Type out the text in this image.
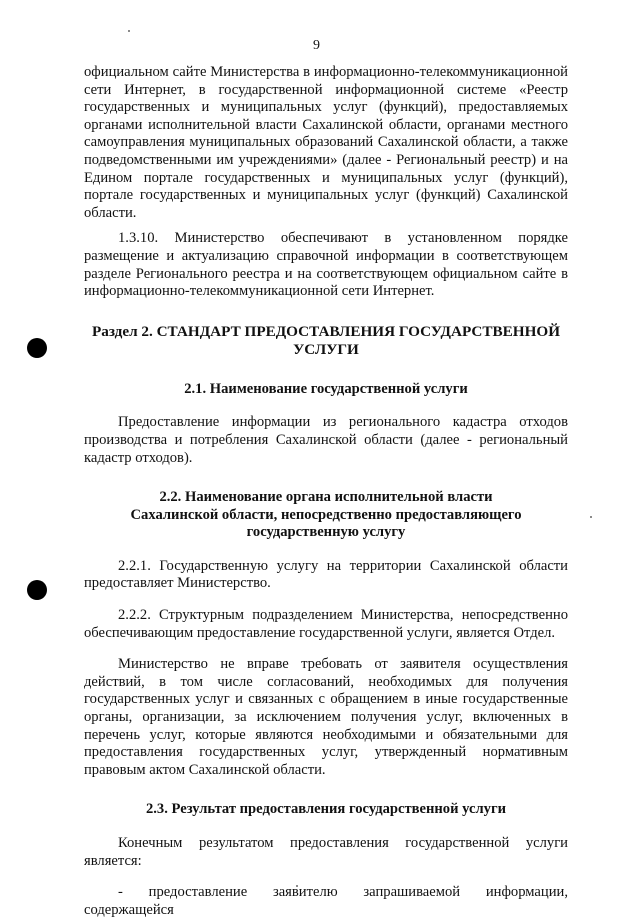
9

официальном сайте Министерства в информационно-телекоммуникационной сети Интернет, в государственной информационной системе «Реестр государственных и муниципальных услуг (функций), предоставляемых органами исполнительной власти Сахалинской области, органами местного самоуправления муниципальных образований Сахалинской области, а также подведомственными им учреждениями» (далее - Региональный реестр) и на Едином портале государственных и муниципальных услуг (функций), портале государственных и муниципальных услуг (функций) Сахалинской области.

1.3.10. Министерство обеспечивают в установленном порядке размещение и актуализацию справочной информации в соответствующем разделе Регионального реестра и на соответствующем официальном сайте в информационно-телекоммуникационной сети Интернет.

Раздел 2. СТАНДАРТ ПРЕДОСТАВЛЕНИЯ ГОСУДАРСТВЕННОЙ
УСЛУГИ
2.1. Наименование государственной услуги

Предоставление информации из регионального кадастра отходов производства и потребления Сахалинской области (далее - региональный кадастр отходов).

2.2. Наименование органа исполнительной власти
Сахалинской области, непосредственно предоставляющего
государственную услугу

2.2.1. Государственную услугу на территории Сахалинской области предоставляет Министерство.

2.2.2. Структурным подразделением Министерства, непосредственно обеспечивающим предоставление государственной услуги, является Отдел.

Министерство не вправе требовать от заявителя осуществления действий, в том числе согласований, необходимых для получения государственных услуг и связанных с обращением в иные государственные органы, организации, за исключением получения услуг, включенных в перечень услуг, которые являются необходимыми и обязательными для предоставления государственных услуг, утвержденный нормативным правовым актом Сахалинской области.

2.3. Результат предоставления государственной услуги

Конечным результатом предоставления государственной услуги является:

- предоставление заявителю запрашиваемой информации, содержащейся
